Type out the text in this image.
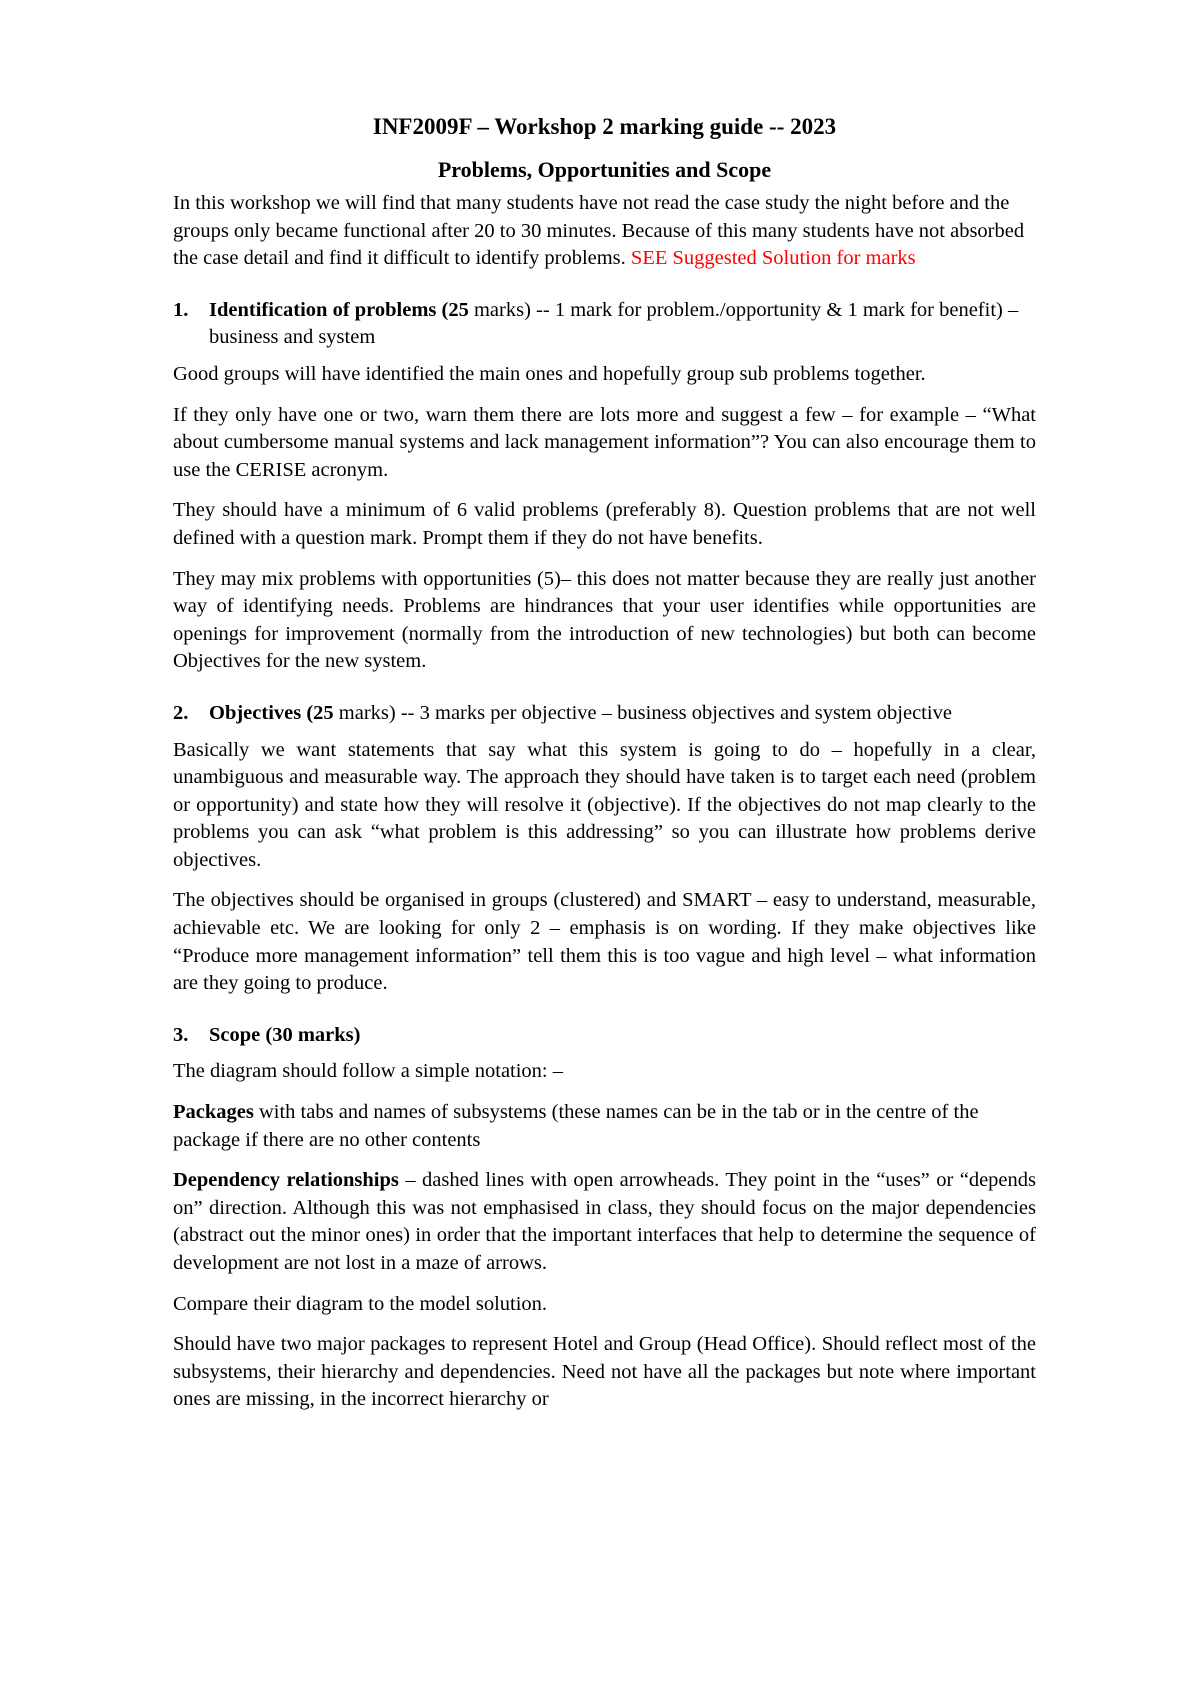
INF2009F – Workshop 2 marking guide -- 2023
Problems, Opportunities and Scope

In this workshop we will find that many students have not read the case study the night before and the groups only became functional after 20 to 30 minutes. Because of this many students have not absorbed the case detail and find it difficult to identify problems. SEE Suggested Solution for marks

1.	Identification of problems (25 marks) -- 1 mark for problem./opportunity & 1 mark for benefit) – business and system

Good groups will have identified the main ones and hopefully group sub problems together.

If they only have one or two, warn them there are lots more and suggest a few – for example – “What about cumbersome manual systems and lack management information”? You can also encourage them to use the CERISE acronym.

They should have a minimum of 6 valid problems (preferably 8). Question problems that are not well defined with a question mark. Prompt them if they do not have benefits.

They may mix problems with opportunities (5)– this does not matter because they are really just another way of identifying needs. Problems are hindrances that your user identifies while opportunities are openings for improvement (normally from the introduction of new technologies) but both can become Objectives for the new system.

2.	Objectives (25 marks) -- 3 marks per objective – business objectives and system objective

Basically we want statements that say what this system is going to do – hopefully in a clear, unambiguous and measurable way. The approach they should have taken is to target each need (problem or opportunity) and state how they will resolve it (objective). If the objectives do not map clearly to the problems you can ask “what problem is this addressing” so you can illustrate how problems derive objectives.

The objectives should be organised in groups (clustered) and SMART – easy to understand, measurable, achievable etc. We are looking for only 2 – emphasis is on wording. If they make objectives like “Produce more management information” tell them this is too vague and high level – what information are they going to produce.

3.	Scope (30 marks)

The diagram should follow a simple notation: –

Packages with tabs and names of subsystems (these names can be in the tab or in the centre of the package if there are no other contents

Dependency relationships – dashed lines with open arrowheads. They point in the “uses” or “depends on” direction. Although this was not emphasised in class, they should focus on the major dependencies (abstract out the minor ones) in order that the important interfaces that help to determine the sequence of development are not lost in a maze of arrows.

Compare their diagram to the model solution.

Should have two major packages to represent Hotel and Group (Head Office). Should reflect most of the subsystems, their hierarchy and dependencies. Need not have all the packages but note where important ones are missing, in the incorrect hierarchy or
